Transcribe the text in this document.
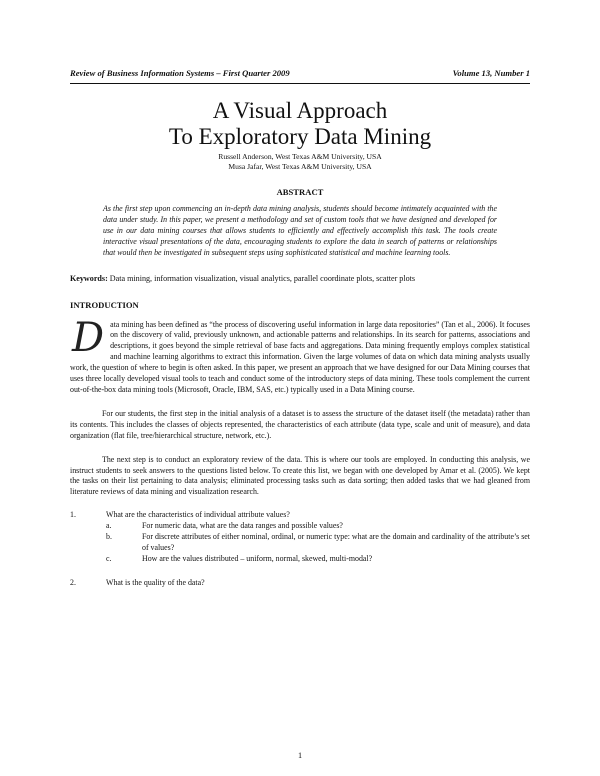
Review of Business Information Systems – First Quarter 2009	Volume 13, Number 1
A Visual Approach
To Exploratory Data Mining
Russell Anderson, West Texas A&M University, USA
Musa Jafar, West Texas A&M University, USA
ABSTRACT
As the first step upon commencing an in-depth data mining analysis, students should become intimately acquainted with the data under study. In this paper, we present a methodology and set of custom tools that we have designed and developed for use in our data mining courses that allows students to efficiently and effectively accomplish this task. The tools create interactive visual presentations of the data, encouraging students to explore the data in search of patterns or relationships that would then be investigated in subsequent steps using sophisticated statistical and machine learning tools.
Keywords: Data mining, information visualization, visual analytics, parallel coordinate plots, scatter plots
INTRODUCTION
D ata mining has been defined as “the process of discovering useful information in large data repositories” (Tan et al., 2006). It focuses on the discovery of valid, previously unknown, and actionable patterns and relationships. In its search for patterns, associations and descriptions, it goes beyond the simple retrieval of base facts and aggregations. Data mining frequently employs complex statistical and machine learning algorithms to extract this information. Given the large volumes of data on which data mining analysts usually work, the question of where to begin is often asked. In this paper, we present an approach that we have designed for our Data Mining courses that uses three locally developed visual tools to teach and conduct some of the introductory steps of data mining. These tools complement the current out-of-the-box data mining tools (Microsoft, Oracle, IBM, SAS, etc.) typically used in a Data Mining course.
For our students, the first step in the initial analysis of a dataset is to assess the structure of the dataset itself (the metadata) rather than its contents. This includes the classes of objects represented, the characteristics of each attribute (data type, scale and unit of measure), and data organization (flat file, tree/hierarchical structure, network, etc.).
The next step is to conduct an exploratory review of the data. This is where our tools are employed. In conducting this analysis, we instruct students to seek answers to the questions listed below. To create this list, we began with one developed by Amar et al. (2005). We kept the tasks on their list pertaining to data analysis; eliminated processing tasks such as data sorting; then added tasks that we had gleaned from literature reviews of data mining and visualization research.
1.	What are the characteristics of individual attribute values?
a.	For numeric data, what are the data ranges and possible values?
b.	For discrete attributes of either nominal, ordinal, or numeric type: what are the domain and cardinality of the attribute’s set of values?
c.	How are the values distributed – uniform, normal, skewed, multi-modal?
2.	What is the quality of the data?
1
